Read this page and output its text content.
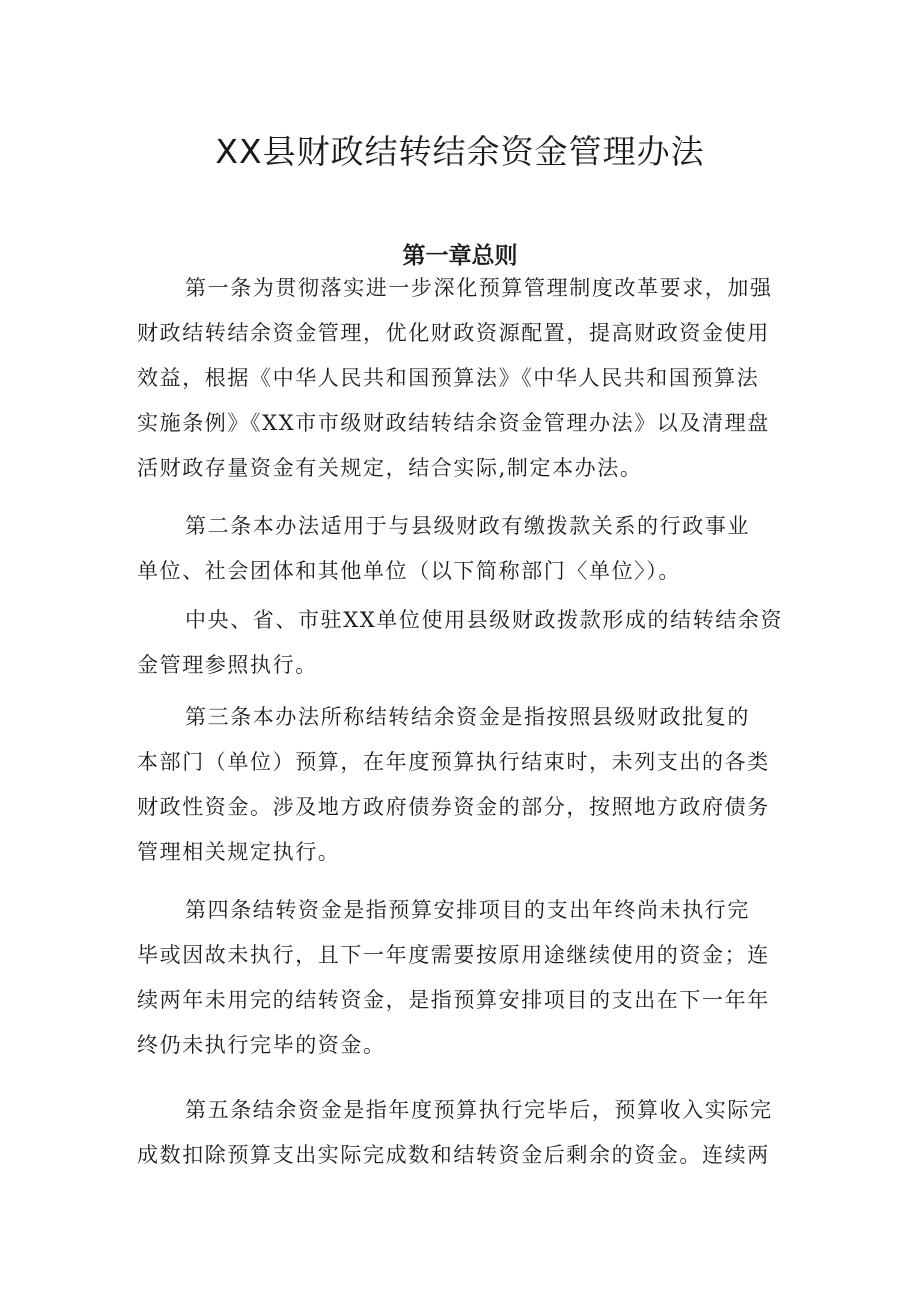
XX县财政结转结余资金管理办法
第一章总则
第一条为贯彻落实进一步深化预算管理制度改革要求，加强
财政结转结余资金管理，优化财政资源配置，提高财政资金使用
效益，根据《中华人民共和国预算法》《中华人民共和国预算法
实施条例》《XX市市级财政结转结余资金管理办法》以及清理盘
活财政存量资金有关规定，结合实际,制定本办法。
第二条本办法适用于与县级财政有缴拨款关系的行政事业
单位、社会团体和其他单位（以下简称部门〈单位〉）。
中央、省、市驻XX单位使用县级财政拨款形成的结转结余资
金管理参照执行。
第三条本办法所称结转结余资金是指按照县级财政批复的
本部门（单位）预算，在年度预算执行结束时，未列支出的各类
财政性资金。涉及地方政府债券资金的部分，按照地方政府债务
管理相关规定执行。
第四条结转资金是指预算安排项目的支出年终尚未执行完
毕或因故未执行，且下一年度需要按原用途继续使用的资金；连
续两年未用完的结转资金，是指预算安排项目的支出在下一年年
终仍未执行完毕的资金。
第五条结余资金是指年度预算执行完毕后，预算收入实际完
成数扣除预算支出实际完成数和结转资金后剩余的资金。连续两
